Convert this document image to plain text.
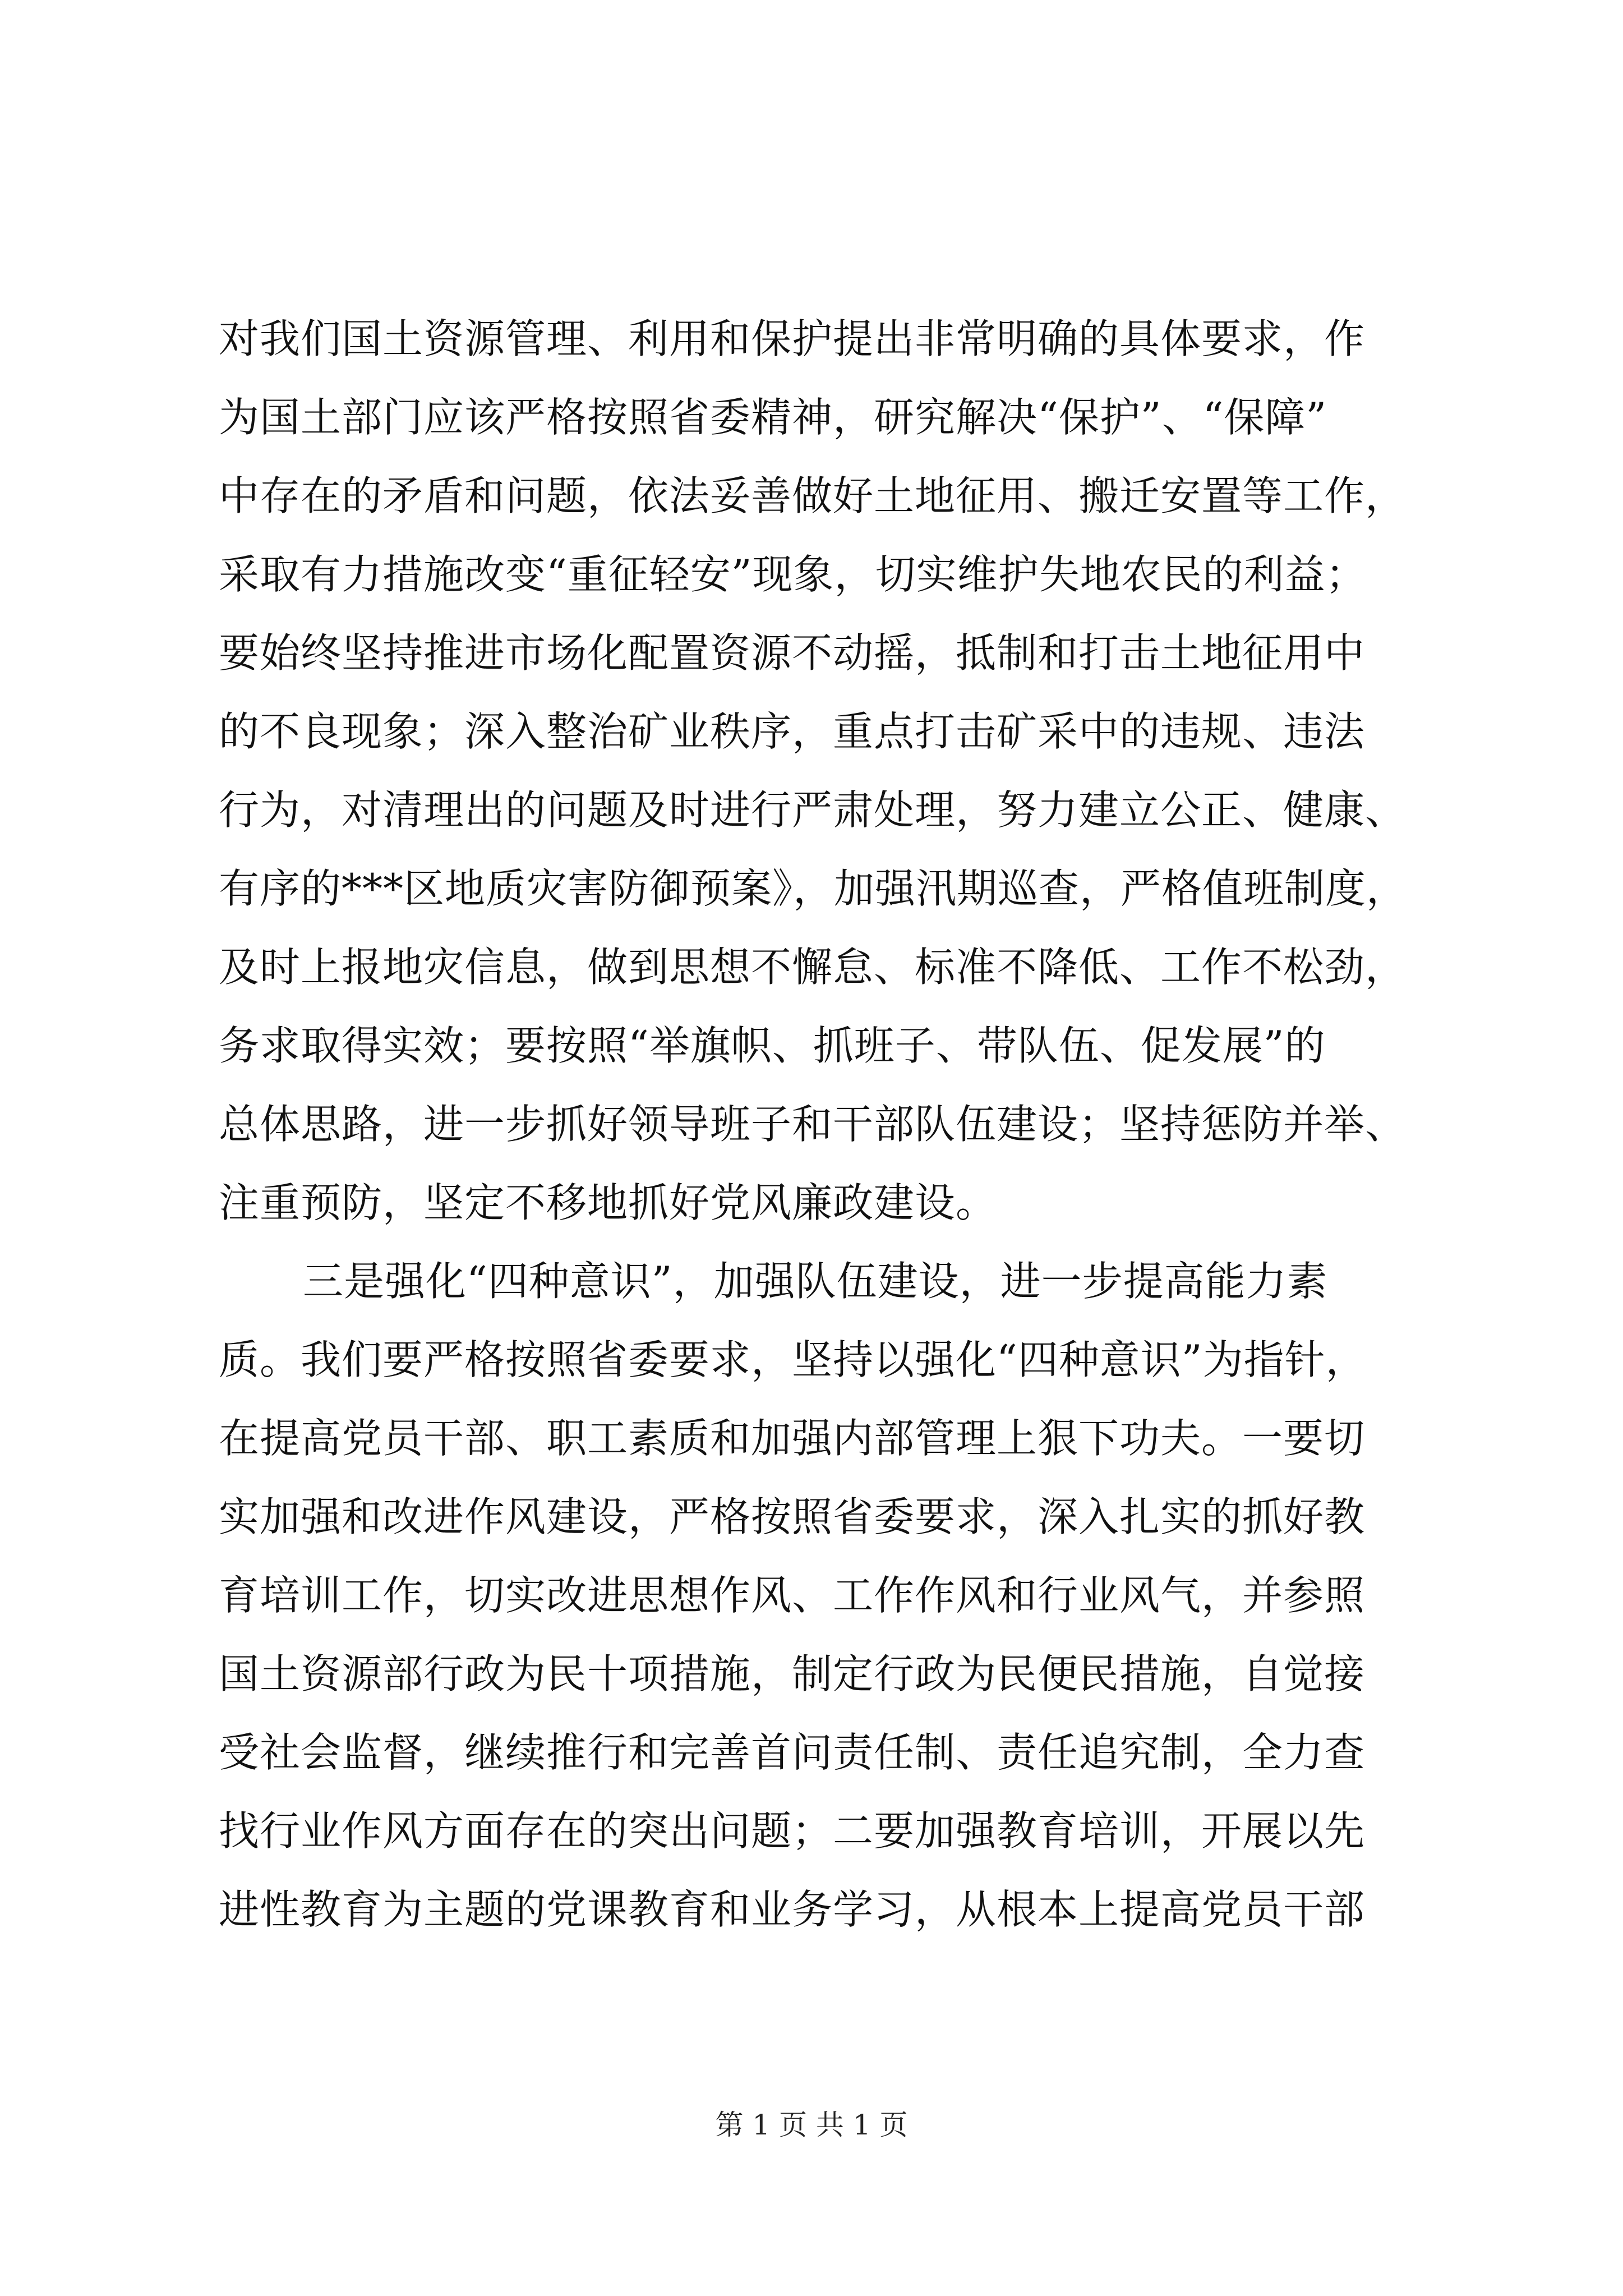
对我们国土资源管理、利用和保护提出非常明确的具体要求，作
为国土部门应该严格按照省委精神，研究解决“保护”、“保障”
中存在的矛盾和问题，依法妥善做好土地征用、搬迁安置等工作，
采取有力措施改变“重征轻安”现象，切实维护失地农民的利益；
要始终坚持推进市场化配置资源不动摇，抵制和打击土地征用中
的不良现象；深入整治矿业秩序，重点打击矿采中的违规、违法
行为，对清理出的问题及时进行严肃处理，努力建立公正、健康、
有序的***区地质灾害防御预案》，加强汛期巡查，严格值班制度，
及时上报地灾信息，做到思想不懈怠、标准不降低、工作不松劲，
务求取得实效；要按照“举旗帜、抓班子、带队伍、促发展”的
总体思路，进一步抓好领导班子和干部队伍建设；坚持惩防并举、
注重预防，坚定不移地抓好党风廉政建设。
三是强化“四种意识”，加强队伍建设，进一步提高能力素
质。我们要严格按照省委要求，坚持以强化“四种意识”为指针，
在提高党员干部、职工素质和加强内部管理上狠下功夫。一要切
实加强和改进作风建设，严格按照省委要求，深入扎实的抓好教
育培训工作，切实改进思想作风、工作作风和行业风气，并参照
国土资源部行政为民十项措施，制定行政为民便民措施，自觉接
受社会监督，继续推行和完善首问责任制、责任追究制，全力查
找行业作风方面存在的突出问题；二要加强教育培训，开展以先
进性教育为主题的党课教育和业务学习，从根本上提高党员干部
第 1 页 共 1 页
